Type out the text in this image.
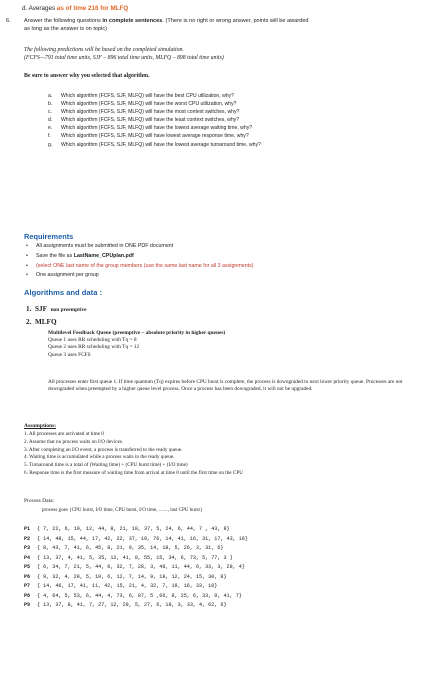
d. Averages as of time 216 for MLFQ
6. Answer the following questions in complete sentences. (There is no right or wrong answer, points will be awarded
as long as the answer is on topic)
The following predictions will be based on the completed simulation.
(FCFS—791 total time units, SJF – 896 total time units, MLFQ – 898 total time units)
Be sure to answer why you selected that algorithm.
a. Which algorithm (FCFS, SJF, MLFQ) will have the best CPU utilization, why?
b. Which algorithm (FCFS, SJF, MLFQ) will have the worst CPU utilization, why?
c. Which algorithm (FCFS, SJF, MLFQ) will have the most context switches, why?
d. Which algorithm (FCFS, SJF, MLFQ) will have the least context switches, why?
e. Which algorithm (FCFS, SJF, MLFQ) will have the lowest average waiting time, why?
f. Which algorithm (FCFS, SJF, MLFQ) will have lowest average response time, why?
g. Which algorithm (FCFS, SJF, MLFQ) will have the lowest average turnaround time, why?
Requirements
• All assignments must be submitted in ONE PDF document
• Save the file as LastName_CPUplan.pdf
• (select ONE last name of the group members (use the same last name for all 3 assignments)
• One assignment per group
Algorithms and data :
1. SJF non preemptive
2. MLFQ
Multilevel Feedback Queue (preemptive – absolute priority in higher queues)
Queue 1 uses RR scheduling with Tq = 8
Queue 2 uses RR scheduling with Tq = 12
Queue 3 uses FCFS
All processes enter first queue 1. If time quantum (Tq) expires before CPU burst is complete, the process is downgraded to next lower priority queue. Processes are not downgraded when preempted by a higher queue level process. Once a process has been downgraded, it will not be upgraded.
Assumptions:
1. All processes are activated at time 0
2. Assume that no process waits on I/O devices.
3. After completing an I/O event, a process is transferred to the ready queue.
4. Waiting time is accumulated while a process waits in the ready queue.
5. Turnaround time is a total of (Waiting time) + (CPU burst time) + (I/O time)
6. Response time is the first measure of waiting time from arrival at time 0 until the first time on the CPU
Process Data:
process goes {CPU burst, I/O time, CPU burst, I/O time, ......., last CPU burst}
P1 { 7, 22, 6, 19, 12, 44, 8, 21, 10, 37, 5, 24, 6, 44, 7 , 43, 8}
P2 { 14, 48, 15, 44, 17, 42, 22, 37, 19, 76, 14, 41, 16, 31, 17, 43, 18}
P3 { 8, 43, 7, 41, 6, 45, 8, 21, 9, 35, 14, 18, 5, 26, 3, 31, 6}
P4 { 13, 37, 4, 41, 5, 35, 12, 41, 8, 55, 15, 34, 6, 73, 5, 77, 3 }
P5 { 6, 34, 7, 21, 5, 44, 6, 32, 7, 28, 3, 48, 11, 44, 6, 33, 3, 28, 4}
P6 { 9, 32, 4, 28, 5, 10, 6, 12, 7, 14, 9, 18, 12, 24, 15, 30, 8}
P7 { 14, 46, 17, 41, 11, 42, 15, 21, 4, 32, 7, 19, 16, 33, 10}
P8 { 4, 64, 5, 53, 6, 44, 4, 73, 6, 87, 5 ,66, 8, 25, 6, 33, 9, 41, 7}
P9 { 13, 37, 8, 41, 7, 27, 12, 29, 5, 27, 6, 18, 3, 33, 4, 62, 6}
